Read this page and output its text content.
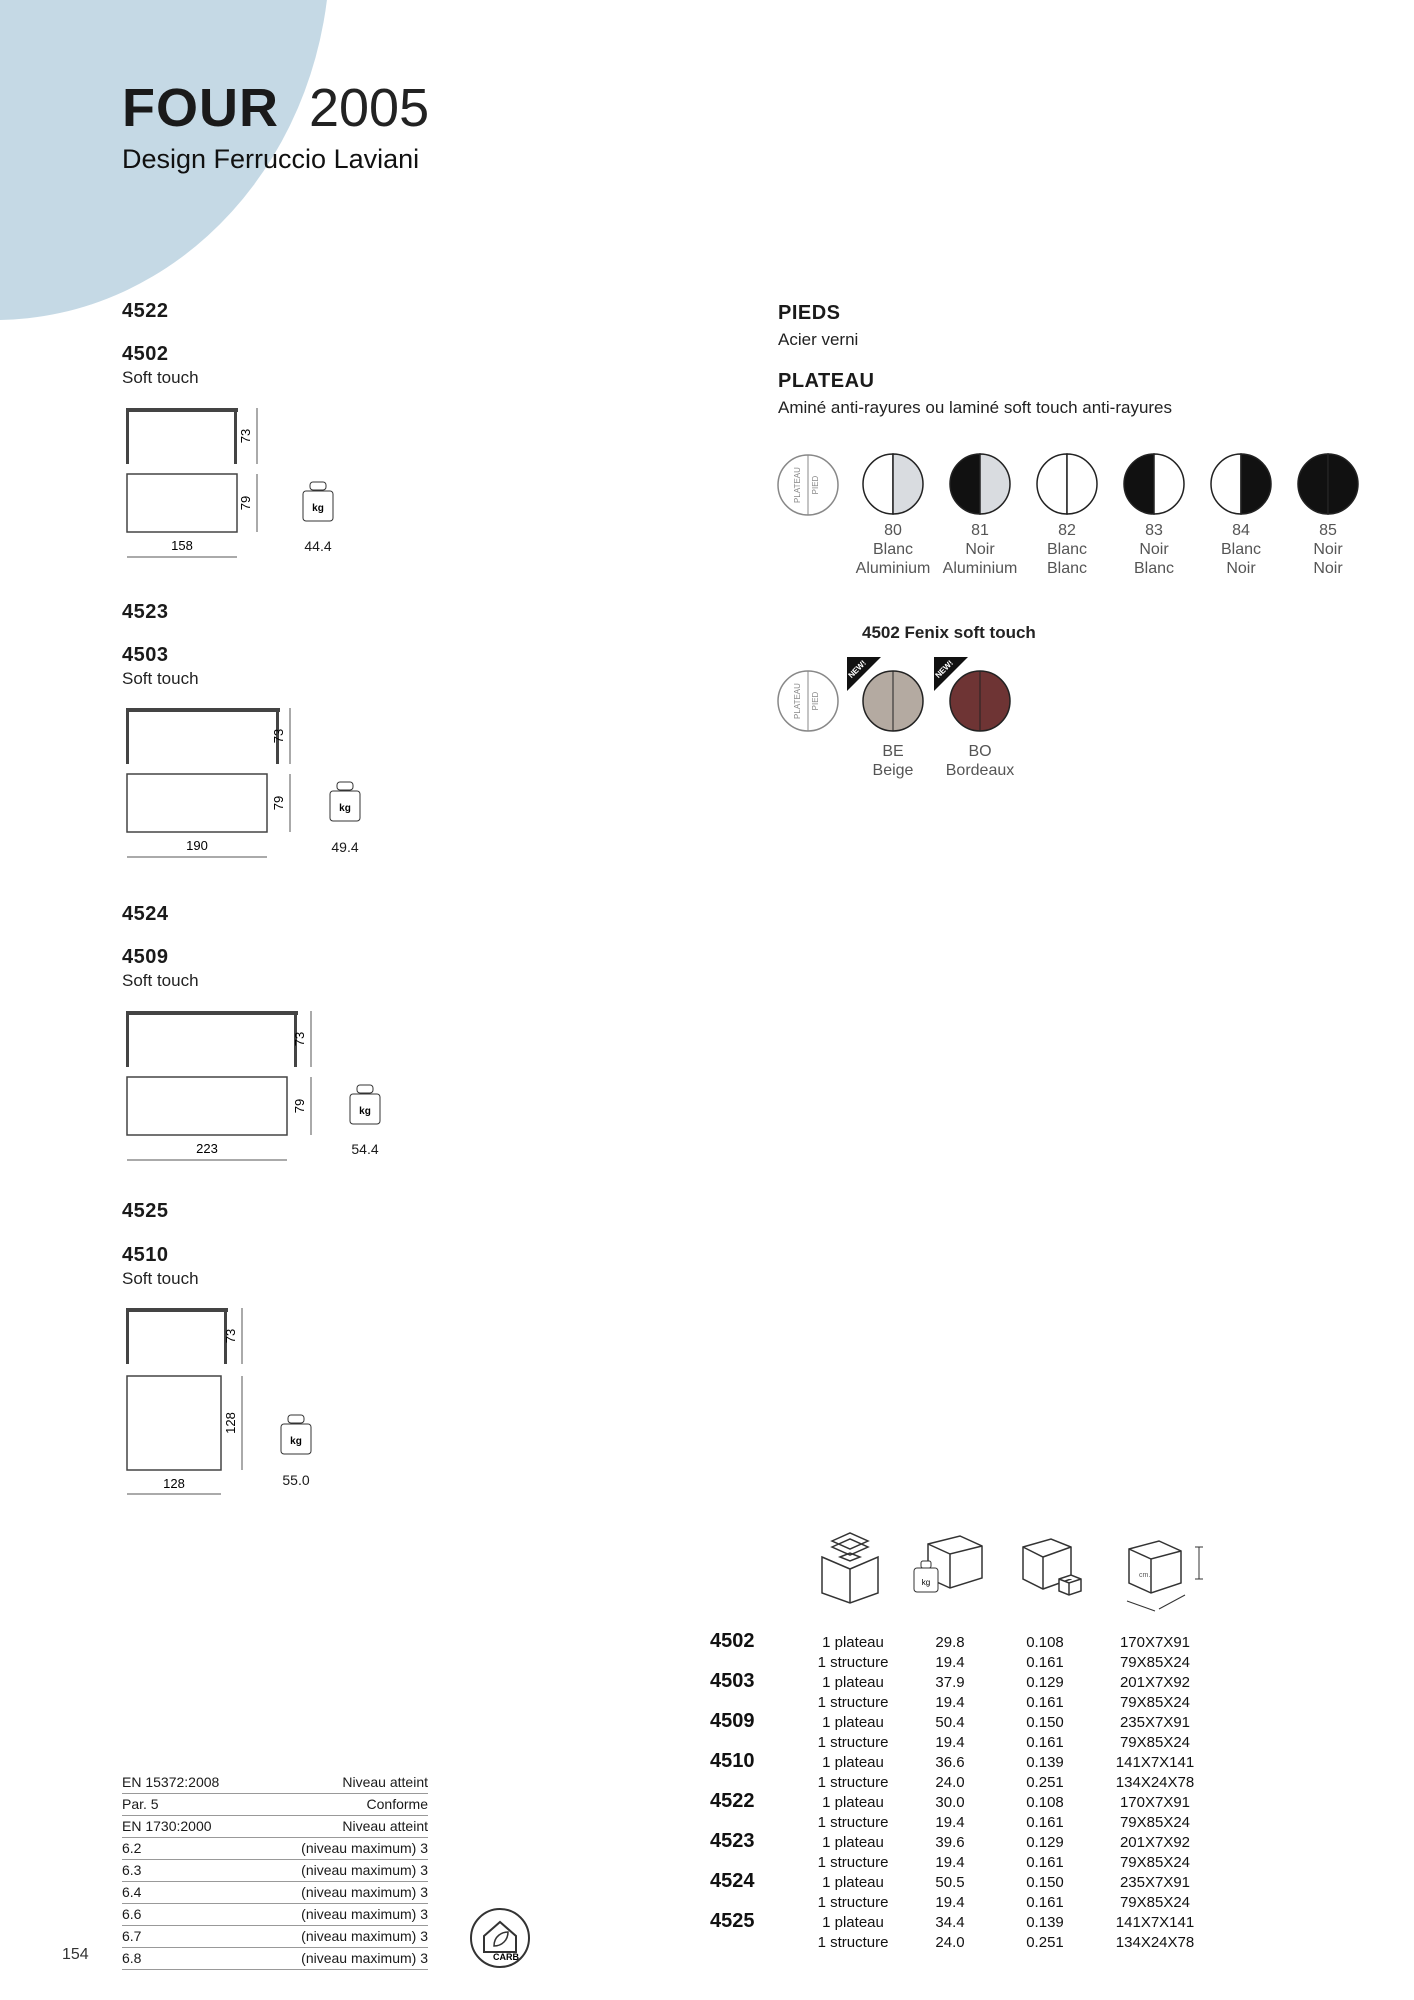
FOUR 2005
Design Ferruccio Laviani
4522
4502
Soft touch
73
79
158
kg
44.4
4523
4503
Soft touch
73
79
190
kg
49.4
4524
4509
Soft touch
73
79
223
kg
54.4
4525
4510
Soft touch
73
128
128
kg
55.0
PIEDS
Acier verni
PLATEAU
Aminé anti-rayures ou laminé soft touch anti-rayures
PLATEAU PIED
80
Blanc
Aluminium
81
Noir
Aluminium
82
Blanc
Blanc
83
Noir
Blanc
84
Blanc
Noir
85
Noir
Noir
4502 Fenix soft touch
PLATEAU PIED
NEW!
BE
Beige
NEW!
BO
Bordeaux
kg
cm.
4502	1 plateau	29.8	0.108	170X7X91
1 structure	19.4	0.161	79X85X24
4503	1 plateau	37.9	0.129	201X7X92
1 structure	19.4	0.161	79X85X24
4509	1 plateau	50.4	0.150	235X7X91
1 structure	19.4	0.161	79X85X24
4510	1 plateau	36.6	0.139	141X7X141
1 structure	24.0	0.251	134X24X78
4522	1 plateau	30.0	0.108	170X7X91
1 structure	19.4	0.161	79X85X24
4523	1 plateau	39.6	0.129	201X7X92
1 structure	19.4	0.161	79X85X24
4524	1 plateau	50.5	0.150	235X7X91
1 structure	19.4	0.161	79X85X24
4525	1 plateau	34.4	0.139	141X7X141
1 structure	24.0	0.251	134X24X78
EN 15372:2008	Niveau atteint
Par. 5	Conforme
EN 1730:2000	Niveau atteint
6.2	(niveau maximum) 3
6.3	(niveau maximum) 3
6.4	(niveau maximum) 3
6.6	(niveau maximum) 3
6.7	(niveau maximum) 3
6.8	(niveau maximum) 3	CARB
154
